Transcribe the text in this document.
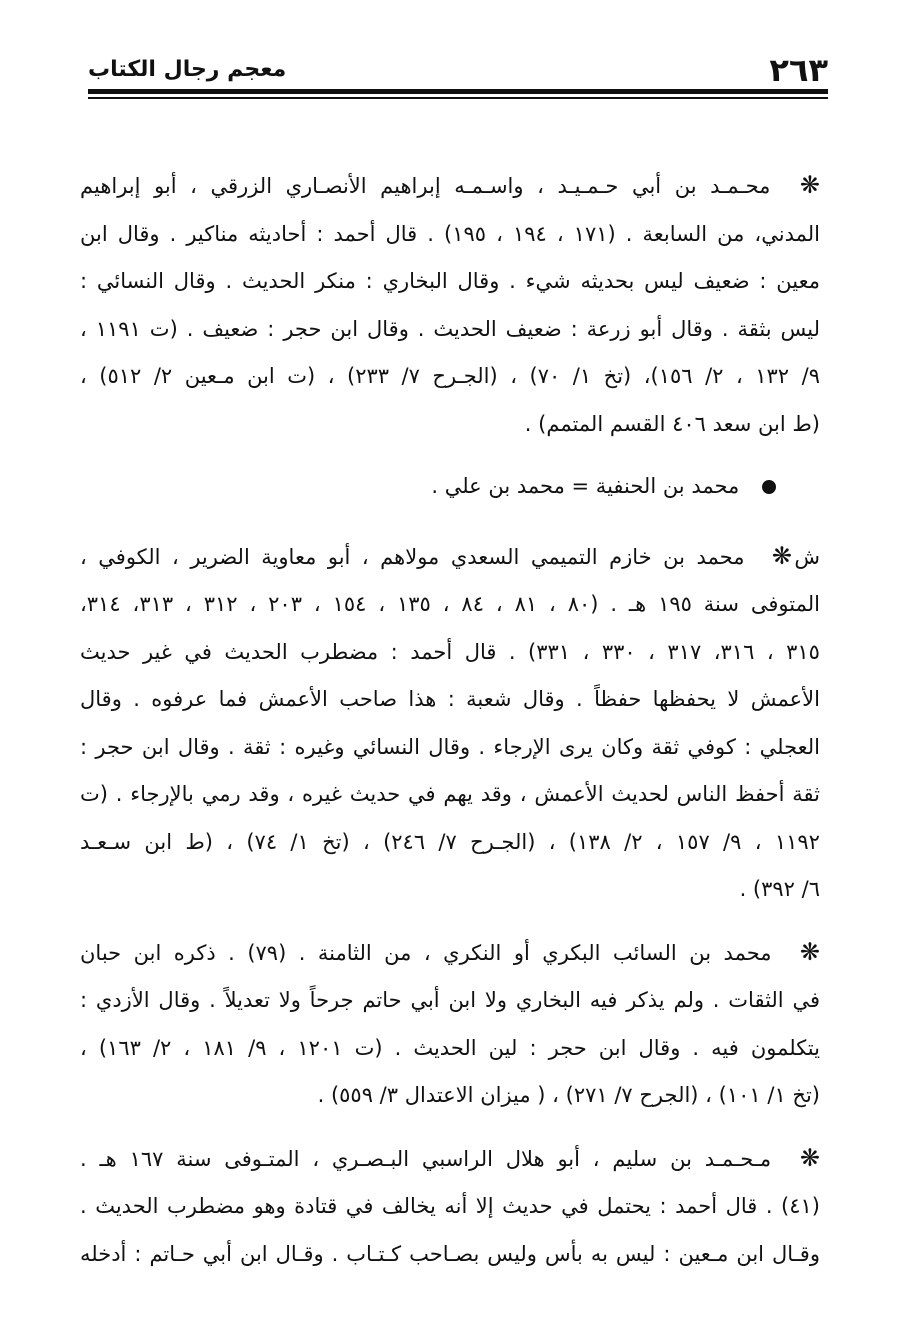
٢٦٣
معجم رجال الكتاب
❋ محـمـد بن أبي حـمـيـد ، واسـمـه إبراهيم الأنصـاري الزرقي ، أبو إبراهيم
المدني، من السابعة . (١٧١ ، ١٩٤ ، ١٩٥) . قال أحمد : أحاديثه مناكير . وقال ابن
معين : ضعيف ليس بحديثه شيء . وقال البخاري : منكر الحديث . وقال النسائي :
ليس بثقة . وقال أبو زرعة : ضعيف الحديث . وقال ابن حجر : ضعيف . (ت ١١٩١ ،
٩/ ١٣٢ ، ٢/ ١٥٦)، (تخ ١/ ٧٠) ، (الجـرح ٧/ ٢٣٣) ، (ت ابن مـعين ٢/ ٥١٢) ،
(ط ابن سعد ٤٠٦ القسم المتمم) .
محمد بن الحنفية = محمد بن علي .
ش❋ محمد بن خازم التميمي السعدي مولاهم ، أبو معاوية الضرير ، الكوفي ،
المتوفى سنة ١٩٥ هـ . (٨٠ ، ٨١ ، ٨٤ ، ١٣٥ ، ١٥٤ ، ٢٠٣ ، ٣١٢ ، ٣١٣، ٣١٤،
٣١٥ ، ٣١٦، ٣١٧ ، ٣٣٠ ، ٣٣١) . قال أحمد : مضطرب الحديث في غير حديث
الأعمش لا يحفظها حفظاً . وقال شعبة : هذا صاحب الأعمش فما عرفوه . وقال
العجلي : كوفي ثقة وكان يرى الإرجاء . وقال النسائي وغيره : ثقة . وقال ابن حجر :
ثقة أحفظ الناس لحديث الأعمش ، وقد يهم في حديث غيره ، وقد رمي بالإرجاء . (ت
١١٩٢ ، ٩/ ١٥٧ ، ٢/ ١٣٨) ، (الجـرح ٧/ ٢٤٦) ، (تخ ١/ ٧٤) ، (ط ابن سـعـد
٦/ ٣٩٢) .
❋ محمد بن السائب البكري أو النكري ، من الثامنة . (٧٩) . ذكره ابن حبان
في الثقات . ولم يذكر فيه البخاري ولا ابن أبي حاتم جرحاً ولا تعديلاً . وقال الأزدي :
يتكلمون فيه . وقال ابن حجر : لين الحديث . (ت ١٢٠١ ، ٩/ ١٨١ ، ٢/ ١٦٣) ،
(تخ ١/ ١٠١) ، (الجرح ٧/ ٢٧١) ، ( ميزان الاعتدال ٣/ ٥٥٩) .
❋ مـحـمـد بن سليم ، أبو هلال الراسبي البـصـري ، المتـوفى سنة ١٦٧ هـ .
(٤١) . قال أحمد : يحتمل في حديث إلا أنه يخالف في قتادة وهو مضطرب الحديث .
وقـال ابن مـعين : ليس به بأس وليس بصـاحب كـتـاب . وقـال ابن أبي حـاتم : أدخله
